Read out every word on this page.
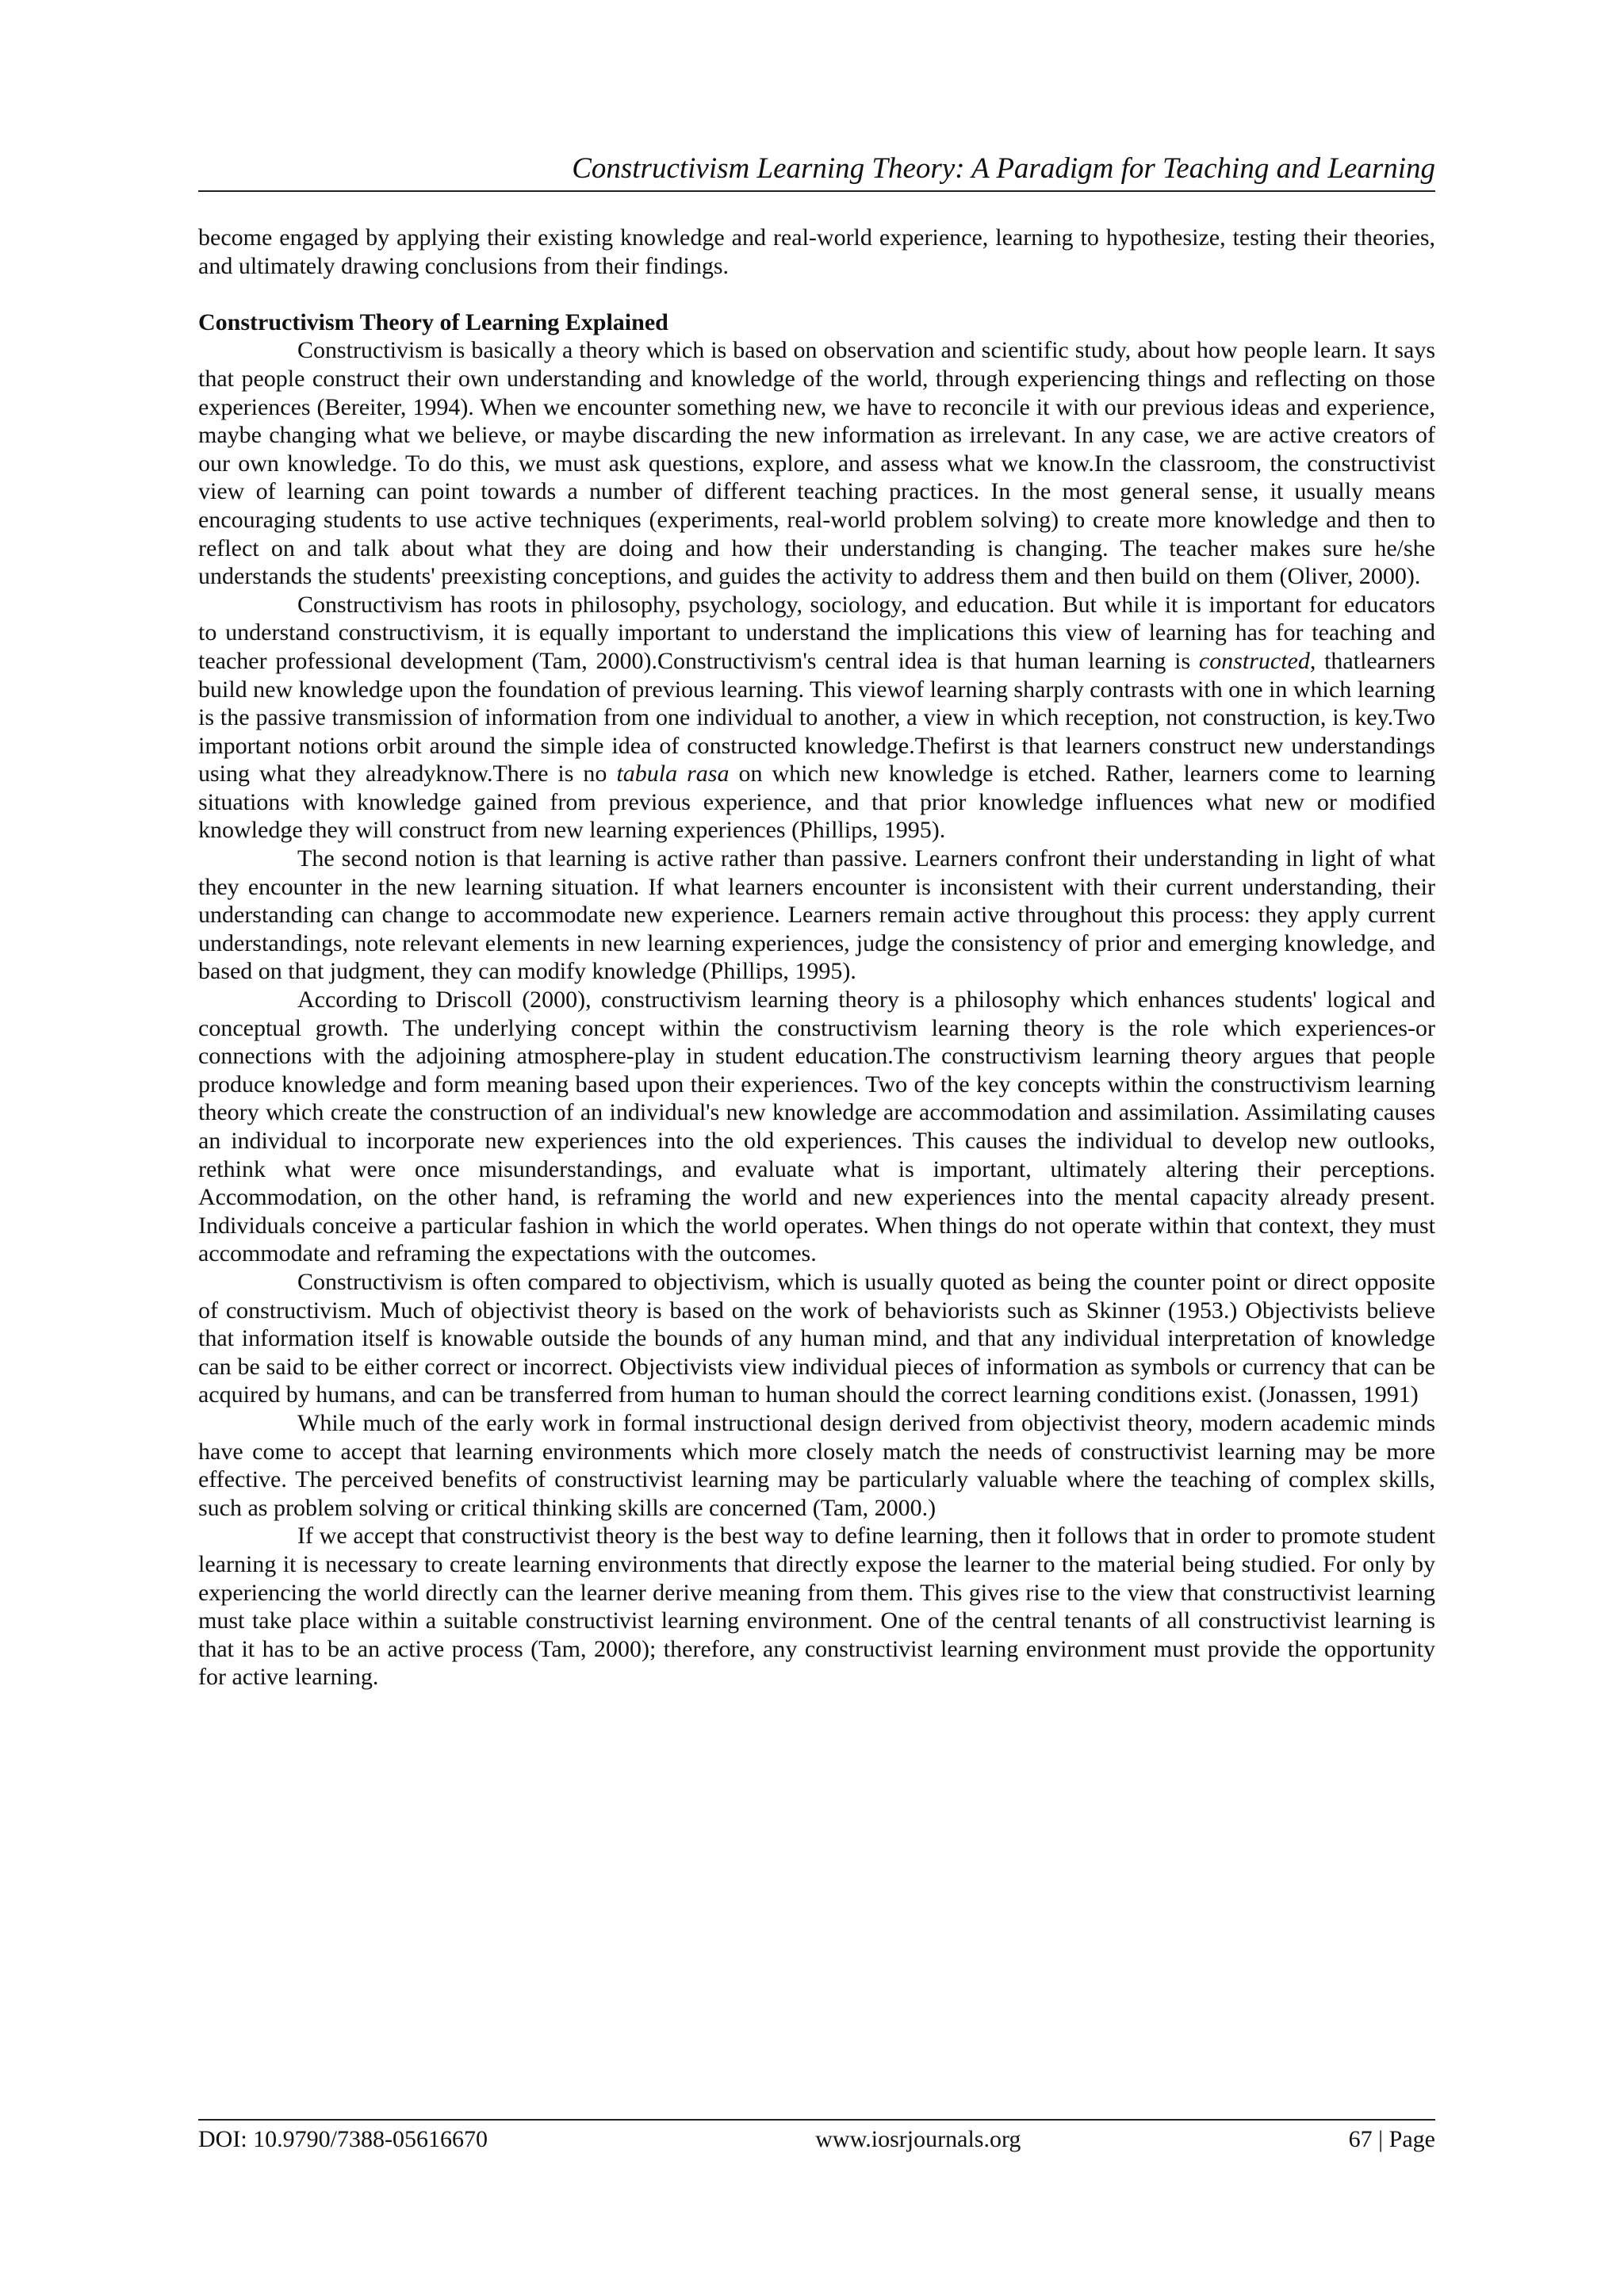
Constructivism Learning Theory: A Paradigm for Teaching and Learning

become engaged by applying their existing knowledge and real-world experience, learning to hypothesize, testing their theories, and ultimately drawing conclusions from their findings.

Constructivism Theory of Learning Explained

Constructivism is basically a theory which is based on observation and scientific study, about how people learn. It says that people construct their own understanding and knowledge of the world, through experiencing things and reflecting on those experiences (Bereiter, 1994). When we encounter something new, we have to reconcile it with our previous ideas and experience, maybe changing what we believe, or maybe discarding the new information as irrelevant. In any case, we are active creators of our own knowledge. To do this, we must ask questions, explore, and assess what we know.In the classroom, the constructivist view of learning can point towards a number of different teaching practices. In the most general sense, it usually means encouraging students to use active techniques (experiments, real-world problem solving) to create more knowledge and then to reflect on and talk about what they are doing and how their understanding is changing. The teacher makes sure he/she understands the students' preexisting conceptions, and guides the activity to address them and then build on them (Oliver, 2000).

Constructivism has roots in philosophy, psychology, sociology, and education. But while it is important for educators to understand constructivism, it is equally important to understand the implications this view of learning has for teaching and teacher professional development (Tam, 2000).Constructivism's central idea is that human learning is constructed, thatlearners build new knowledge upon the foundation of previous learning. This viewof learning sharply contrasts with one in which learning is the passive transmission of information from one individual to another, a view in which reception, not construction, is key.Two important notions orbit around the simple idea of constructed knowledge.Thefirst is that learners construct new understandings using what they alreadyknow.There is no tabula rasa on which new knowledge is etched. Rather, learners come to learning situations with knowledge gained from previous experience, and that prior knowledge influences what new or modified knowledge they will construct from new learning experiences (Phillips, 1995).

The second notion is that learning is active rather than passive. Learners confront their understanding in light of what they encounter in the new learning situation. If what learners encounter is inconsistent with their current understanding, their understanding can change to accommodate new experience. Learners remain active throughout this process: they apply current understandings, note relevant elements in new learning experiences, judge the consistency of prior and emerging knowledge, and based on that judgment, they can modify knowledge (Phillips, 1995).

According to Driscoll (2000), constructivism learning theory is a philosophy which enhances students' logical and conceptual growth. The underlying concept within the constructivism learning theory is the role which experiences-or connections with the adjoining atmosphere-play in student education.The constructivism learning theory argues that people produce knowledge and form meaning based upon their experiences. Two of the key concepts within the constructivism learning theory which create the construction of an individual's new knowledge are accommodation and assimilation. Assimilating causes an individual to incorporate new experiences into the old experiences. This causes the individual to develop new outlooks, rethink what were once misunderstandings, and evaluate what is important, ultimately altering their perceptions. Accommodation, on the other hand, is reframing the world and new experiences into the mental capacity already present. Individuals conceive a particular fashion in which the world operates. When things do not operate within that context, they must accommodate and reframing the expectations with the outcomes.

Constructivism is often compared to objectivism, which is usually quoted as being the counter point or direct opposite of constructivism. Much of objectivist theory is based on the work of behaviorists such as Skinner (1953.) Objectivists believe that information itself is knowable outside the bounds of any human mind, and that any individual interpretation of knowledge can be said to be either correct or incorrect. Objectivists view individual pieces of information as symbols or currency that can be acquired by humans, and can be transferred from human to human should the correct learning conditions exist. (Jonassen, 1991)

While much of the early work in formal instructional design derived from objectivist theory, modern academic minds have come to accept that learning environments which more closely match the needs of constructivist learning may be more effective. The perceived benefits of constructivist learning may be particularly valuable where the teaching of complex skills, such as problem solving or critical thinking skills are concerned (Tam, 2000.)

If we accept that constructivist theory is the best way to define learning, then it follows that in order to promote student learning it is necessary to create learning environments that directly expose the learner to the material being studied. For only by experiencing the world directly can the learner derive meaning from them. This gives rise to the view that constructivist learning must take place within a suitable constructivist learning environment. One of the central tenants of all constructivist learning is that it has to be an active process (Tam, 2000); therefore, any constructivist learning environment must provide the opportunity for active learning.

DOI: 10.9790/7388-05616670	www.iosrjournals.org	67 | Page
